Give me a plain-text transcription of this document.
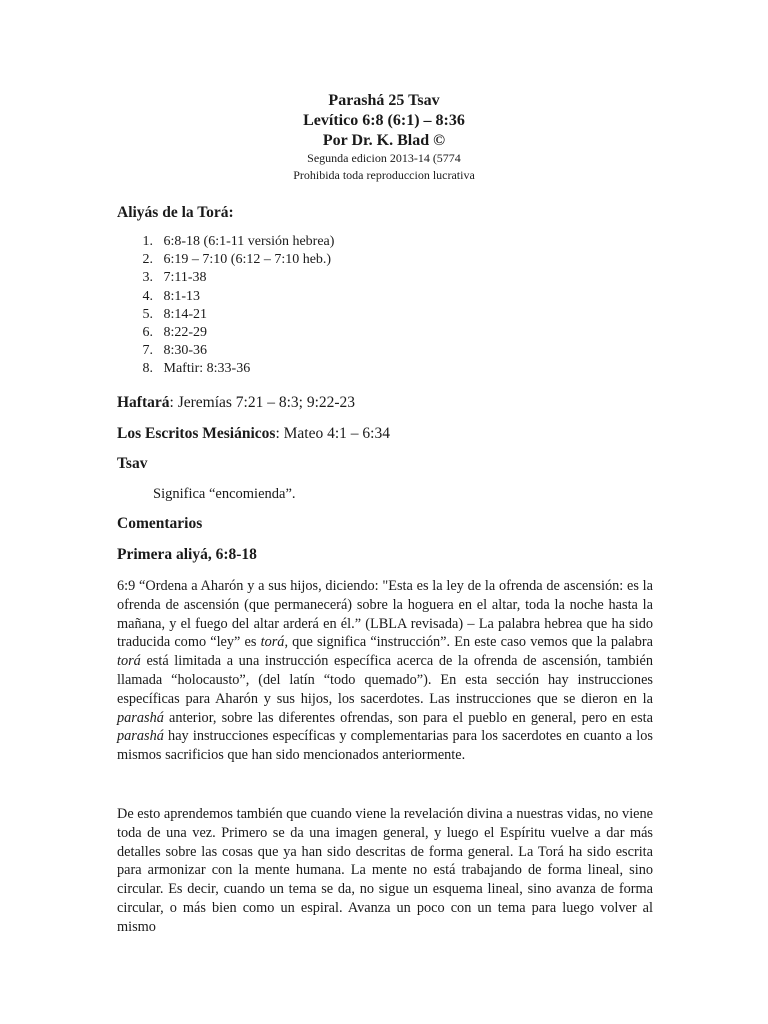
Parashá 25 Tsav

Levítico 6:8 (6:1) – 8:36

Por Dr. K. Blad ©

Segunda edicion 2013-14 (5774

Prohibida toda reproduccion lucrativa

Aliyás de la Torá:

1. 6:8-18 (6:1-11 versión hebrea)
2. 6:19 – 7:10 (6:12 – 7:10 heb.)
3. 7:11-38
4. 8:1-13
5. 8:14-21
6. 8:22-29
7. 8:30-36
8. Maftir: 8:33-36

Haftará: Jeremías 7:21 – 8:3; 9:22-23

Los Escritos Mesiánicos: Mateo 4:1 – 6:34

Tsav

Significa “encomienda”.

Comentarios

Primera aliyá, 6:8-18

6:9 “Ordena a Aharón y a sus hijos, diciendo: "Esta es la ley de la ofrenda de ascensión: es la ofrenda de ascensión (que permanecerá) sobre la hoguera en el altar, toda la noche hasta la mañana, y el fuego del altar arderá en él.” (LBLA revisada) – La palabra hebrea que ha sido traducida como “ley” es torá, que significa “instrucción”. En este caso vemos que la palabra torá está limitada a una instrucción específica acerca de la ofrenda de ascensión, también llamada “holocausto”, (del latín “todo quemado”). En esta sección hay instrucciones específicas para Aharón y sus hijos, los sacerdotes. Las instrucciones que se dieron en la parashá anterior, sobre las diferentes ofrendas, son para el pueblo en general, pero en esta parashá hay instrucciones específicas y complementarias para los sacerdotes en cuanto a los mismos sacrificios que han sido mencionados anteriormente.

De esto aprendemos también que cuando viene la revelación divina a nuestras vidas, no viene toda de una vez. Primero se da una imagen general, y luego el Espíritu vuelve a dar más detalles sobre las cosas que ya han sido descritas de forma general. La Torá ha sido escrita para armonizar con la mente humana. La mente no está trabajando de forma lineal, sino circular. Es decir, cuando un tema se da, no sigue un esquema lineal, sino avanza de forma circular, o más bien como un espiral. Avanza un poco con un tema para luego volver al mismo
